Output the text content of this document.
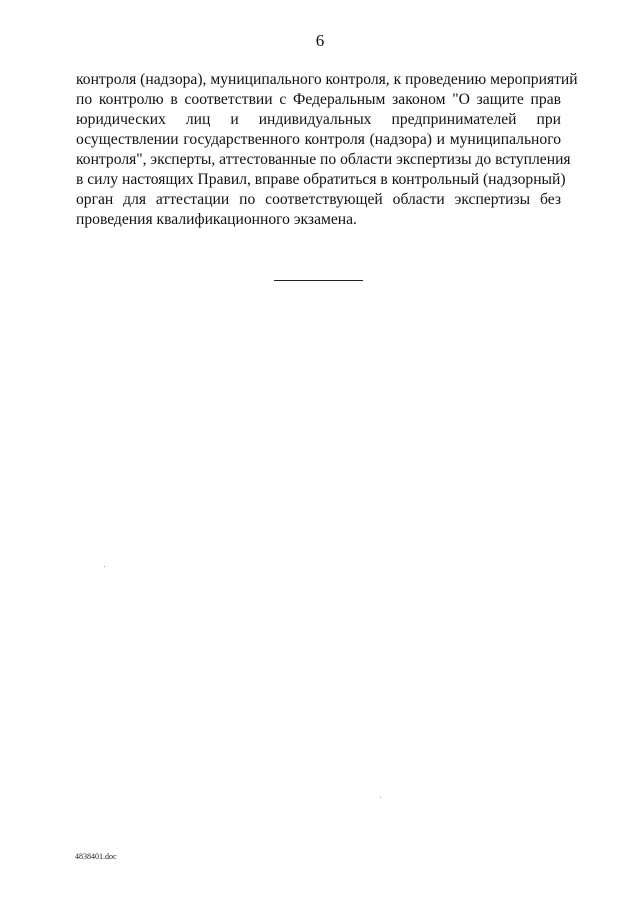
6
контроля (надзора), муниципального контроля, к проведению мероприятий
по контролю в соответствии с Федеральным законом "О защите прав
юридических лиц и индивидуальных предпринимателей при
осуществлении государственного контроля (надзора) и муниципального
контроля", эксперты, аттестованные по области экспертизы до вступления
в силу настоящих Правил, вправе обратиться в контрольный (надзорный)
орган для аттестации по соответствующей области экспертизы без
проведения квалификационного экзамена.
4838401.doc
